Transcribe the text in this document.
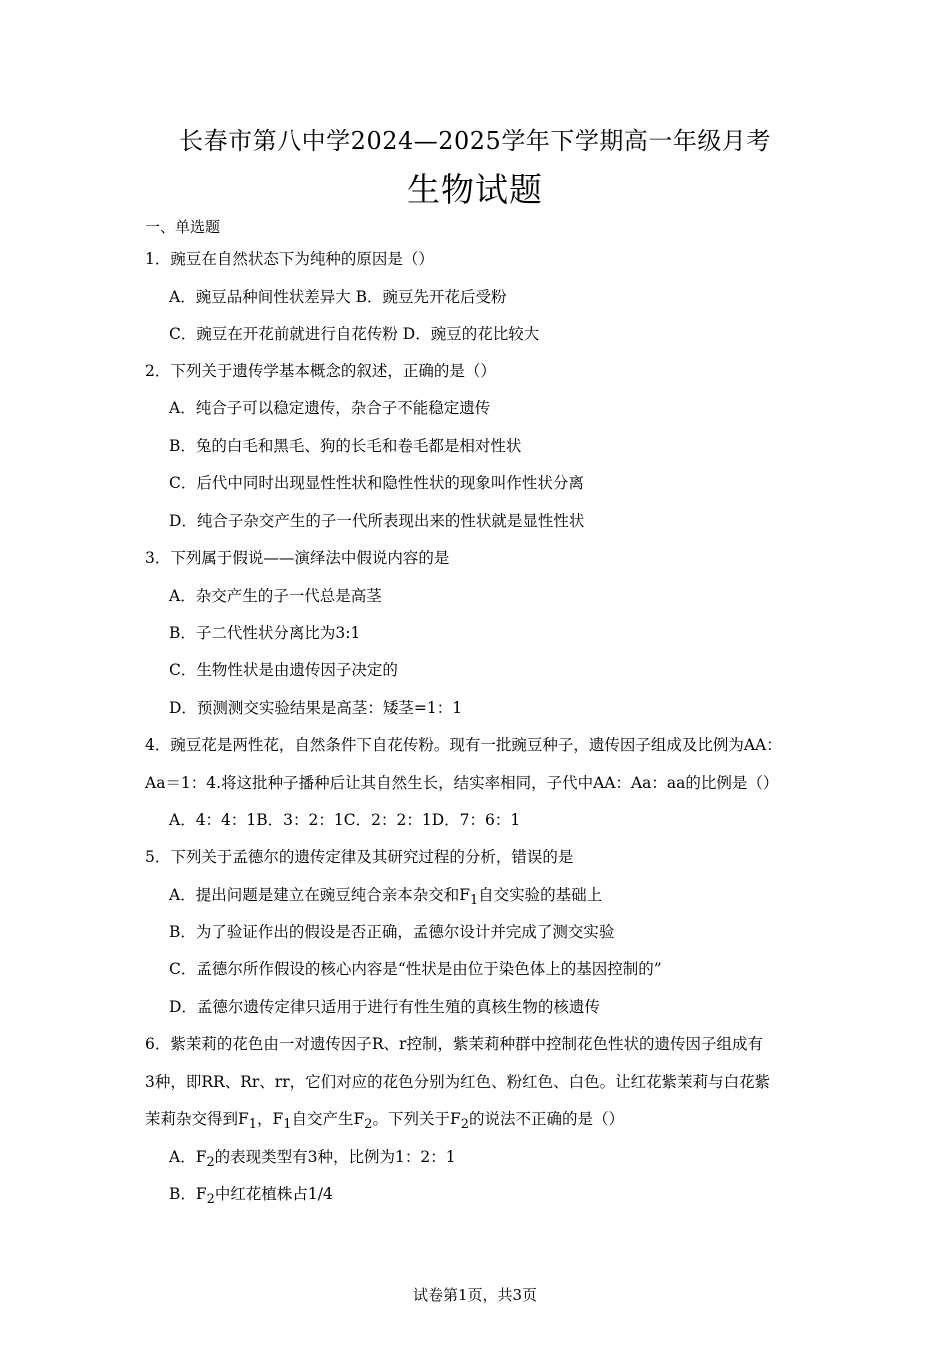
长春市第八中学2024—2025学年下学期高一年级月考
生物试题
一、单选题
1．豌豆在自然状态下为纯种的原因是（）
A．豌豆品种间性状差异大 B．豌豆先开花后受粉
C．豌豆在开花前就进行自花传粉 D．豌豆的花比较大
2．下列关于遗传学基本概念的叙述，正确的是（）
A．纯合子可以稳定遗传，杂合子不能稳定遗传
B．兔的白毛和黑毛、狗的长毛和卷毛都是相对性状
C．后代中同时出现显性性状和隐性性状的现象叫作性状分离
D．纯合子杂交产生的子一代所表现出来的性状就是显性性状
3．下列属于假说——演绎法中假说内容的是
A．杂交产生的子一代总是高茎
B．子二代性状分离比为3:1
C．生物性状是由遗传因子决定的
D．预测测交实验结果是高茎：矮茎=1：1
4．豌豆花是两性花，自然条件下自花传粉。现有一批豌豆种子，遗传因子组成及比例为AA：
Aa＝1：4.将这批种子播种后让其自然生长，结实率相同，子代中AA：Aa：aa的比例是（）
A．4：4：1B．3：2：1C．2：2：1D．7：6：1
5．下列关于孟德尔的遗传定律及其研究过程的分析，错误的是
A．提出问题是建立在豌豆纯合亲本杂交和$F_1$自交实验的基础上
B．为了验证作出的假设是否正确，孟德尔设计并完成了测交实验
C．孟德尔所作假设的核心内容是“性状是由位于染色体上的基因控制的”
D．孟德尔遗传定律只适用于进行有性生殖的真核生物的核遗传
6．紫茉莉的花色由一对遗传因子R、r控制，紫茉莉种群中控制花色性状的遗传因子组成有
3种，即RR、Rr、rr，它们对应的花色分别为红色、粉红色、白色。让红花紫茉莉与白花紫
茉莉杂交得到$F_1$，$F_1$自交产生$F_2$。下列关于$F_2$的说法不正确的是（）
A．$F_2$的表现类型有3种，比例为1：2：1
B．$F_2$中红花植株占1/4
试卷第1页，共3页
